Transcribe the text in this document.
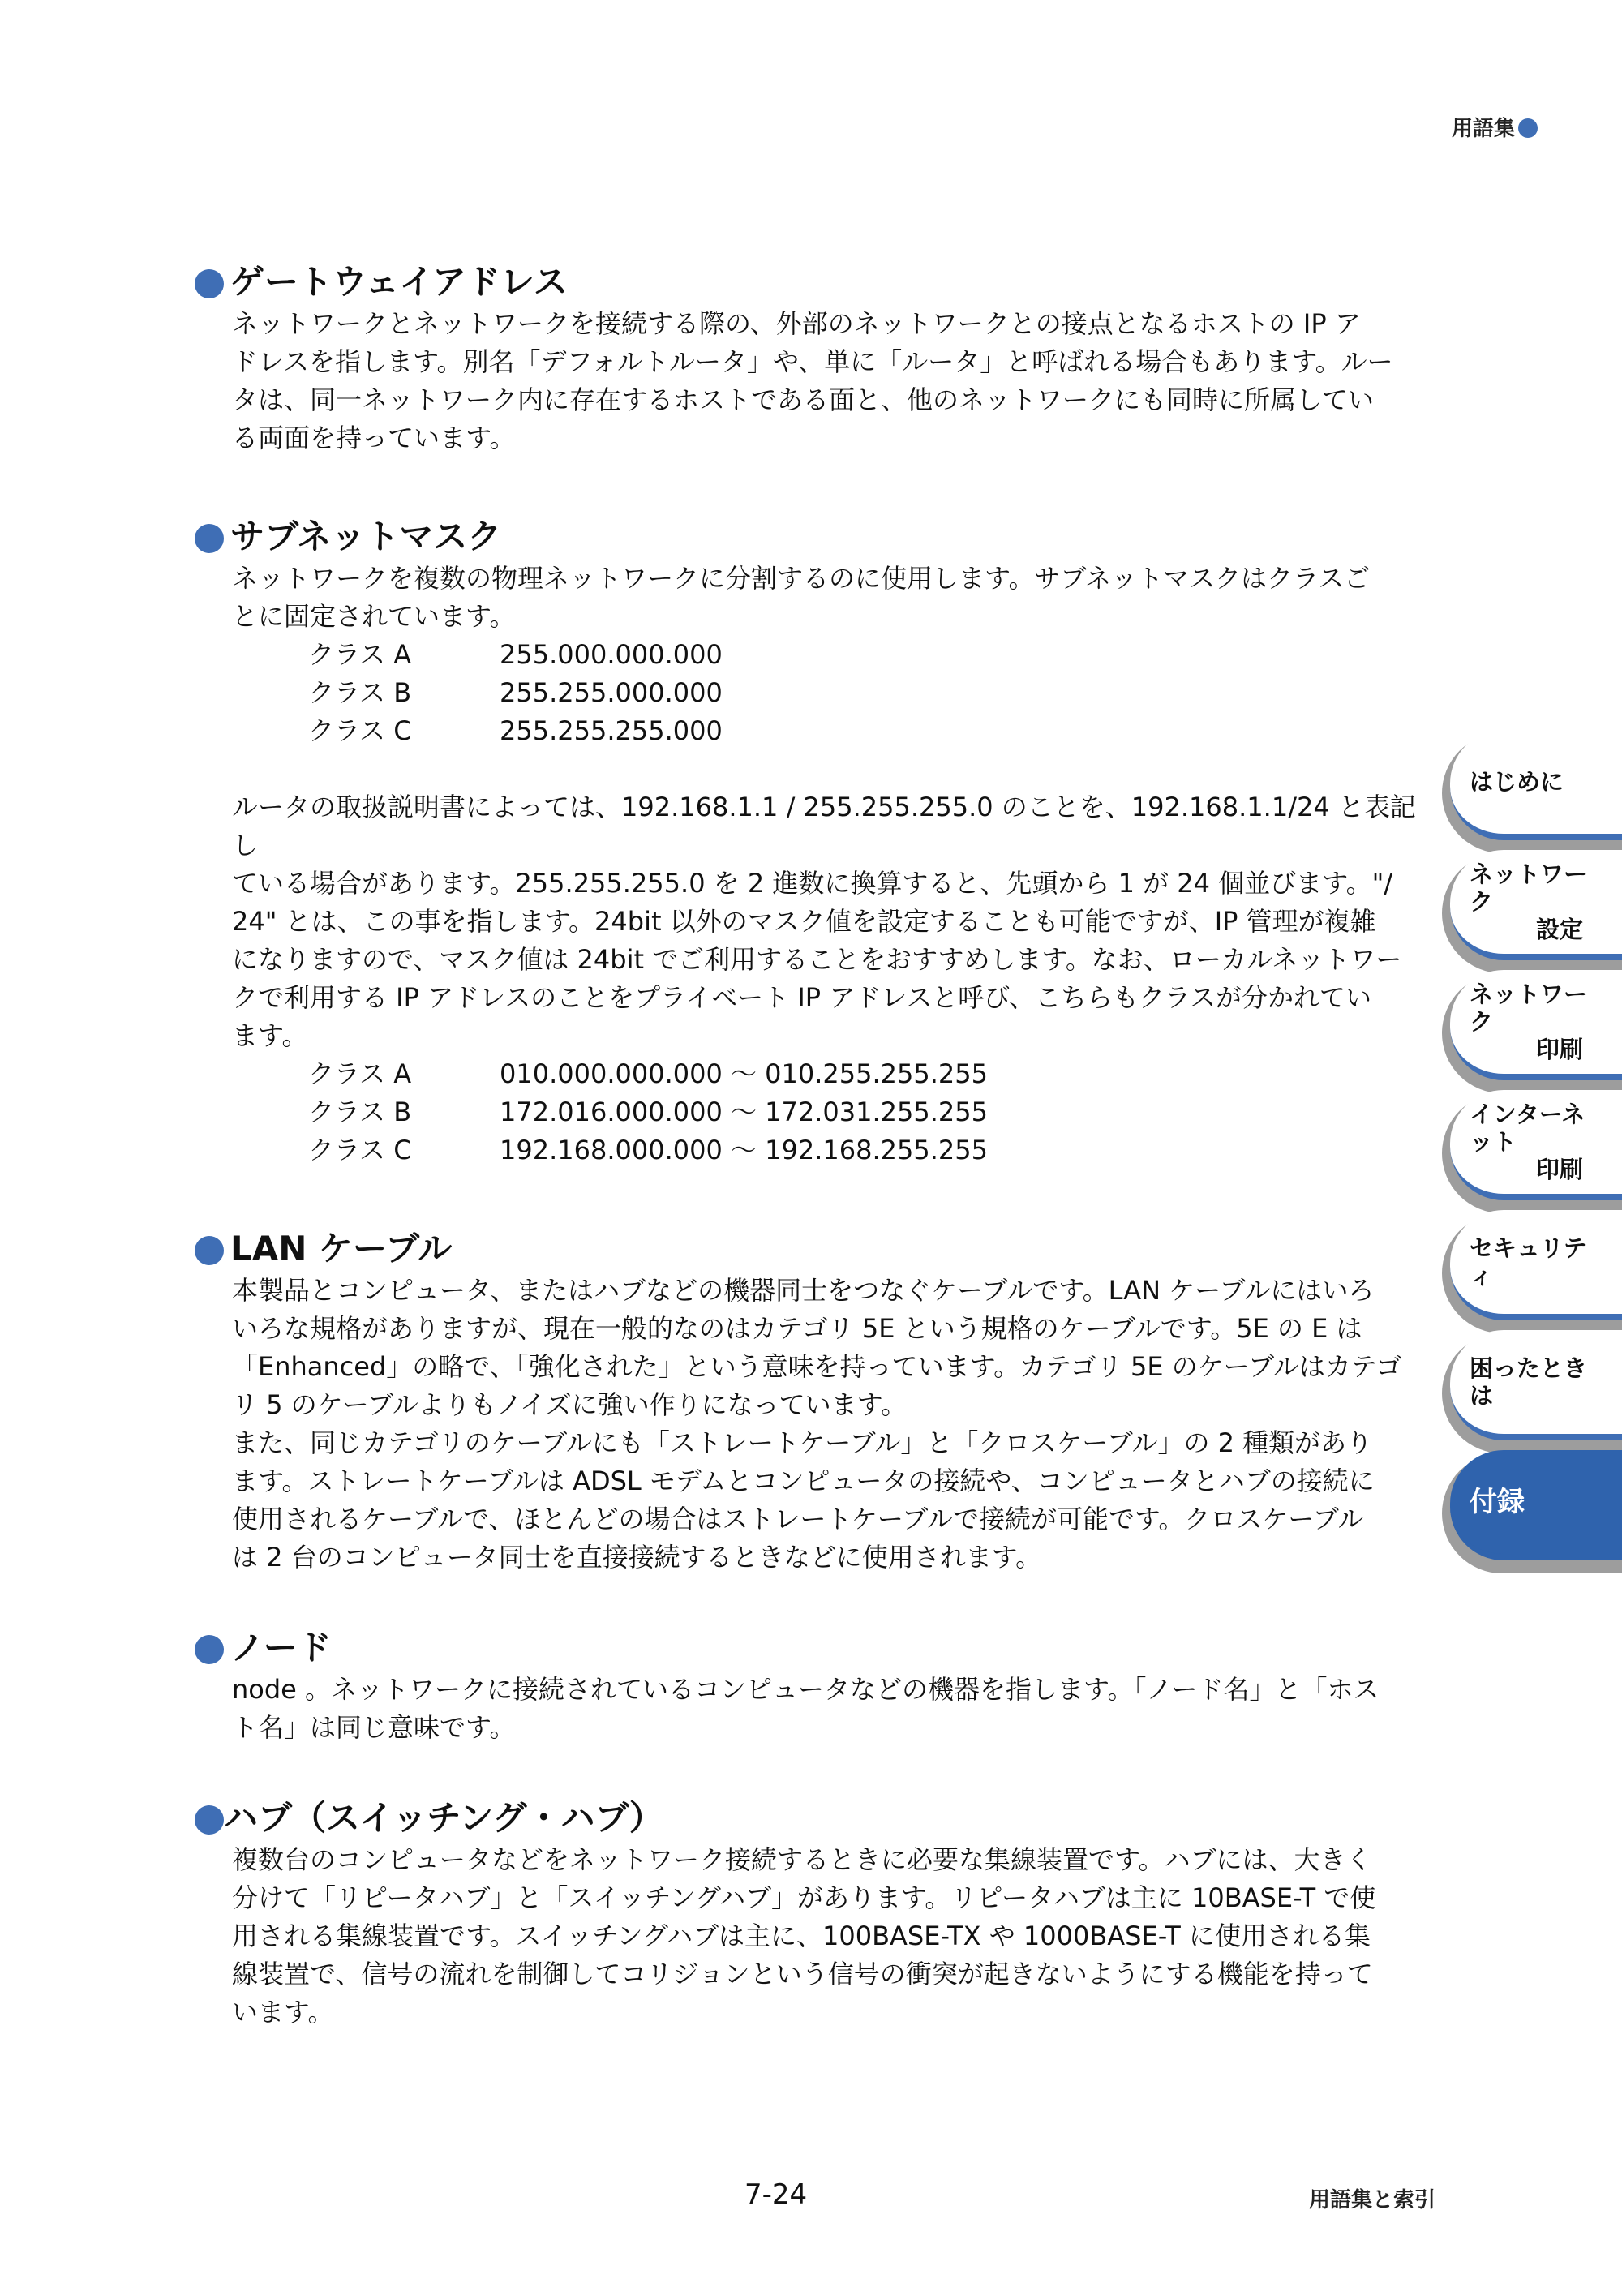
用語集
ゲートウェイアドレス

ネットワークとネットワークを接続する際の、外部のネットワークとの接点となるホストの IP ア

ドレスを指します。別名「デフォルトルータ」や、単に「ルータ」と呼ばれる場合もあります。ルー

タは、同一ネットワーク内に存在するホストである面と、他のネットワークにも同時に所属してい

る両面を持っています。

サブネットマスク

ネットワークを複数の物理ネットワークに分割するのに使用します。サブネットマスクはクラスご

とに固定されています。

クラス A	255.000.000.000
クラス B	255.255.000.000
クラス C	255.255.255.000

ルータの取扱説明書によっては、192.168.1.1 / 255.255.255.0 のことを、192.168.1.1/24 と表記し

ている場合があります。255.255.255.0 を 2 進数に換算すると、先頭から 1 が 24 個並びます。"/

24" とは、この事を指します。24bit 以外のマスク値を設定することも可能ですが、IP 管理が複雑

になりますので、マスク値は 24bit でご利用することをおすすめします。なお、ローカルネットワー

クで利用する IP アドレスのことをプライベート IP アドレスと呼び、こちらもクラスが分かれてい

ます。

クラス A	010.000.000.000 〜 010.255.255.255
クラス B	172.016.000.000 〜 172.031.255.255
クラス C	192.168.000.000 〜 192.168.255.255
LAN ケーブル

本製品とコンピュータ、またはハブなどの機器同士をつなぐケーブルです。LAN ケーブルにはいろ

いろな規格がありますが、現在一般的なのはカテゴリ 5E という規格のケーブルです。5E の E は

「Enhanced」の略で、「強化された」という意味を持っています。カテゴリ 5E のケーブルはカテゴ

リ 5 のケーブルよりもノイズに強い作りになっています。

また、同じカテゴリのケーブルにも「ストレートケーブル」と「クロスケーブル」の 2 種類があり

ます。ストレートケーブルは ADSL モデムとコンピュータの接続や、コンピュータとハブの接続に

使用されるケーブルで、ほとんどの場合はストレートケーブルで接続が可能です。クロスケーブル

は 2 台のコンピュータ同士を直接接続するときなどに使用されます。

ノード

node 。ネットワークに接続されているコンピュータなどの機器を指します。「ノード名」と「ホス

ト名」は同じ意味です。

ハブ（スイッチング・ハブ）

複数台のコンピュータなどをネットワーク接続するときに必要な集線装置です。ハブには、大きく

分けて「リピータハブ」と「スイッチングハブ」があります。リピータハブは主に 10BASE-T で使

用される集線装置です。スイッチングハブは主に、100BASE-TX や 1000BASE-T に使用される集

線装置で、信号の流れを制御してコリジョンという信号の衝突が起きないようにする機能を持って

います。

はじめに
ネットワーク
設定
ネットワーク
印刷
インターネット
印刷
セキュリティ
困ったときは
付録
7-24	用語集と索引
